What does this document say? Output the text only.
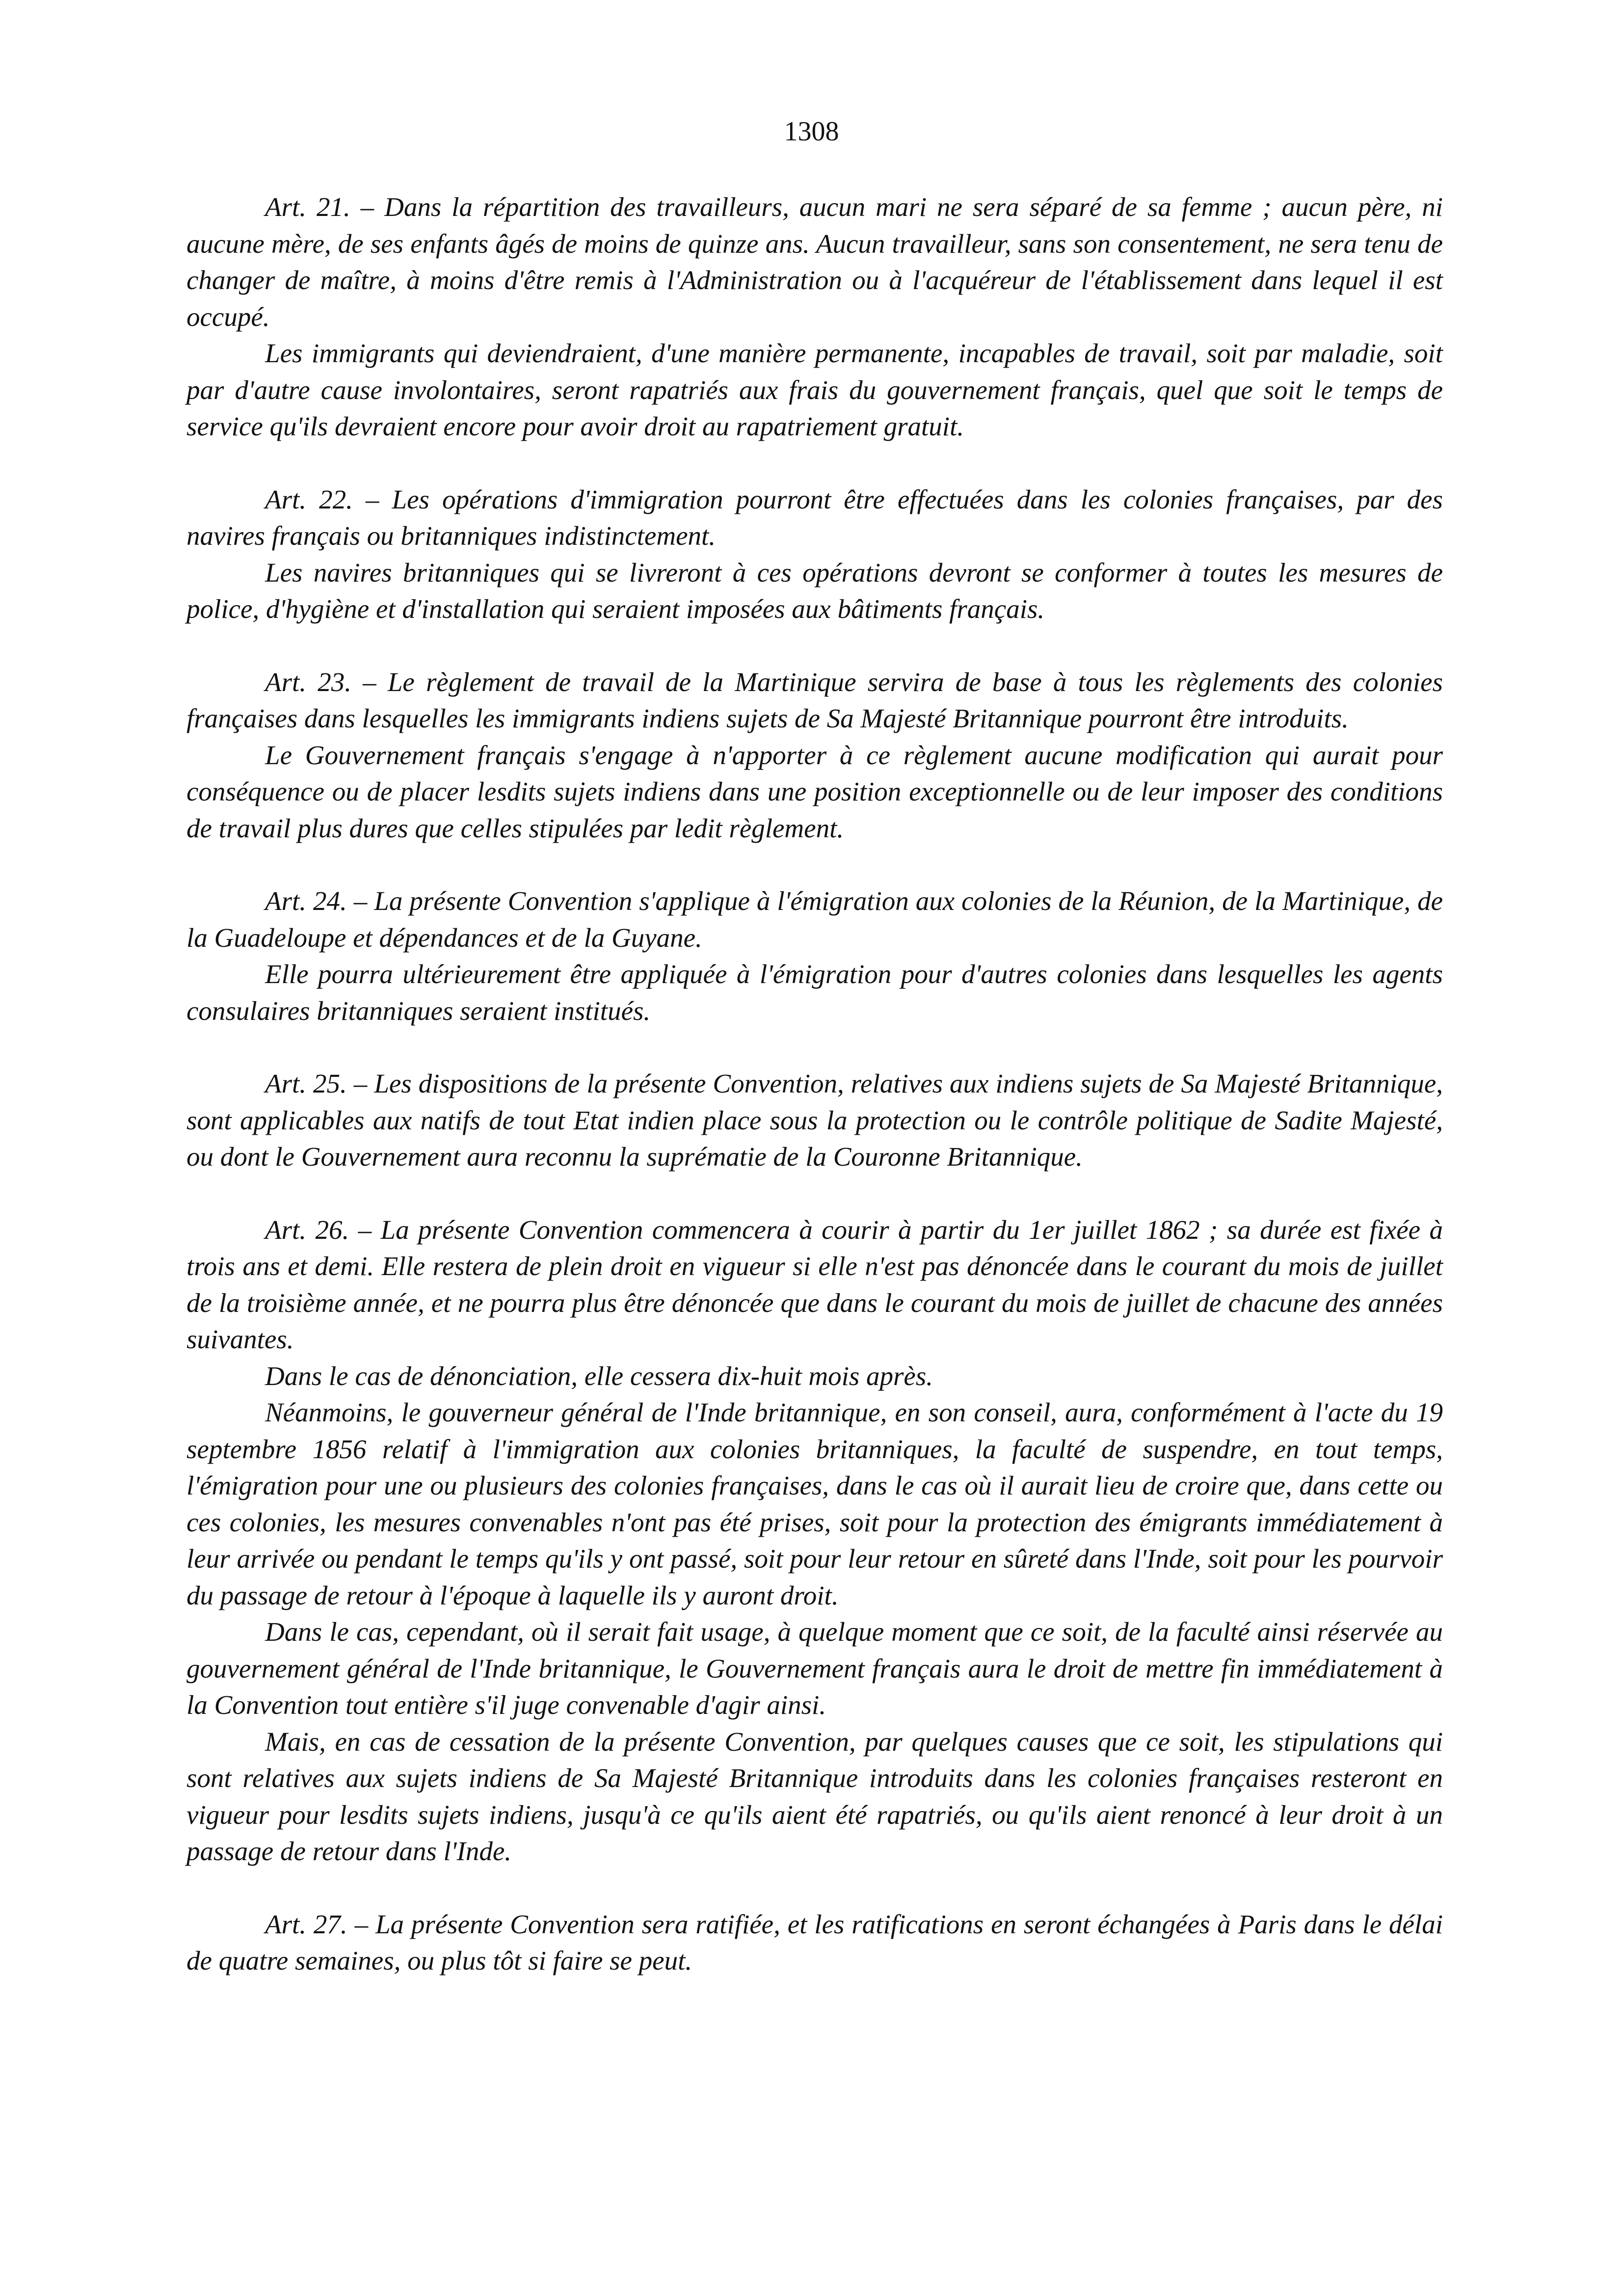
1308

Art. 21. – Dans la répartition des travailleurs, aucun mari ne sera séparé de sa femme ; aucun père, ni aucune mère, de ses enfants âgés de moins de quinze ans. Aucun travailleur, sans son consentement, ne sera tenu de changer de maître, à moins d'être remis à l'Administration ou à l'acquéreur de l'établissement dans lequel il est occupé.

Les immigrants qui deviendraient, d'une manière permanente, incapables de travail, soit par maladie, soit par d'autre cause involontaires, seront rapatriés aux frais du gouvernement français, quel que soit le temps de service qu'ils devraient encore pour avoir droit au rapatriement gratuit.

Art. 22. – Les opérations d'immigration pourront être effectuées dans les colonies françaises, par des navires français ou britanniques indistinctement.

Les navires britanniques qui se livreront à ces opérations devront se conformer à toutes les mesures de police, d'hygiène et d'installation qui seraient imposées aux bâtiments français.

Art. 23. – Le règlement de travail de la Martinique servira de base à tous les règlements des colonies françaises dans lesquelles les immigrants indiens sujets de Sa Majesté Britannique pourront être introduits.

Le Gouvernement français s'engage à n'apporter à ce règlement aucune modification qui aurait pour conséquence ou de placer lesdits sujets indiens dans une position exceptionnelle ou de leur imposer des conditions de travail plus dures que celles stipulées par ledit règlement.

Art. 24. – La présente Convention s'applique à l'émigration aux colonies de la Réunion, de la Martinique, de la Guadeloupe et dépendances et de la Guyane.

Elle pourra ultérieurement être appliquée à l'émigration pour d'autres colonies dans lesquelles les agents consulaires britanniques seraient institués.

Art. 25. – Les dispositions de la présente Convention, relatives aux indiens sujets de Sa Majesté Britannique, sont applicables aux natifs de tout Etat indien place sous la protection ou le contrôle politique de Sadite Majesté, ou dont le Gouvernement aura reconnu la suprématie de la Couronne Britannique.

Art. 26. – La présente Convention commencera à courir à partir du 1er juillet 1862 ; sa durée est fixée à trois ans et demi. Elle restera de plein droit en vigueur si elle n'est pas dénoncée dans le courant du mois de juillet de la troisième année, et ne pourra plus être dénoncée que dans le courant du mois de juillet de chacune des années suivantes.

Dans le cas de dénonciation, elle cessera dix-huit mois après.

Néanmoins, le gouverneur général de l'Inde britannique, en son conseil, aura, conformément à l'acte du 19 septembre 1856 relatif à l'immigration aux colonies britanniques, la faculté de suspendre, en tout temps, l'émigration pour une ou plusieurs des colonies françaises, dans le cas où il aurait lieu de croire que, dans cette ou ces colonies, les mesures convenables n'ont pas été prises, soit pour la protection des émigrants immédiatement à leur arrivée ou pendant le temps qu'ils y ont passé, soit pour leur retour en sûreté dans l'Inde, soit pour les pourvoir du passage de retour à l'époque à laquelle ils y auront droit.

Dans le cas, cependant, où il serait fait usage, à quelque moment que ce soit, de la faculté ainsi réservée au gouvernement général de l'Inde britannique, le Gouvernement français aura le droit de mettre fin immédiatement à la Convention tout entière s'il juge convenable d'agir ainsi.

Mais, en cas de cessation de la présente Convention, par quelques causes que ce soit, les stipulations qui sont relatives aux sujets indiens de Sa Majesté Britannique introduits dans les colonies françaises resteront en vigueur pour lesdits sujets indiens, jusqu'à ce qu'ils aient été rapatriés, ou qu'ils aient renoncé à leur droit à un passage de retour dans l'Inde.

Art. 27. – La présente Convention sera ratifiée, et les ratifications en seront échangées à Paris dans le délai de quatre semaines, ou plus tôt si faire se peut.
